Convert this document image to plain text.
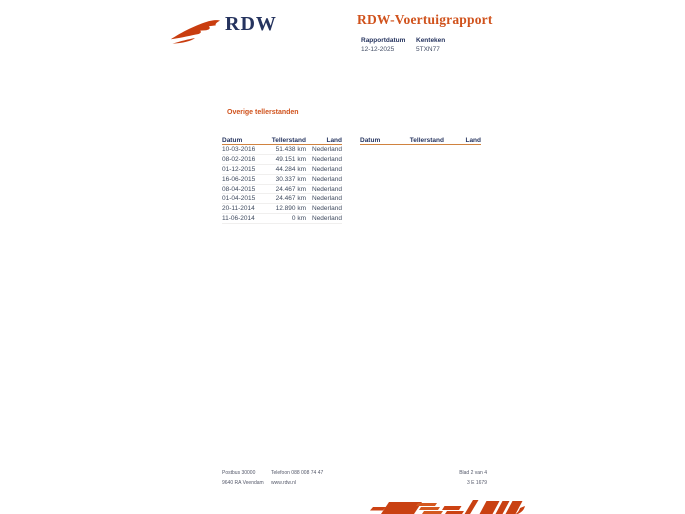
RDW	RDW-Voertuigrapport
Rapportdatum
12-12-2025
Kenteken
5TXN77
Overige tellerstanden
Datum	Tellerstand	Land
10-03-2016	51.438 km Nederland
08-02-2016	49.151 km Nederland
01-12-2015	44.284 km Nederland
16-06-2015	30.337 km Nederland
08-04-2015	24.467 km Nederland
01-04-2015	24.467 km Nederland
20-11-2014	12.890 km Nederland
11-06-2014	0 km Nederland
Datum	Tellerstand	Land
Postbus 30000
9640 RA Veendam
Telefoon 088 008 74 47
www.rdw.nl
Blad 2 van 4
3 E 1679
